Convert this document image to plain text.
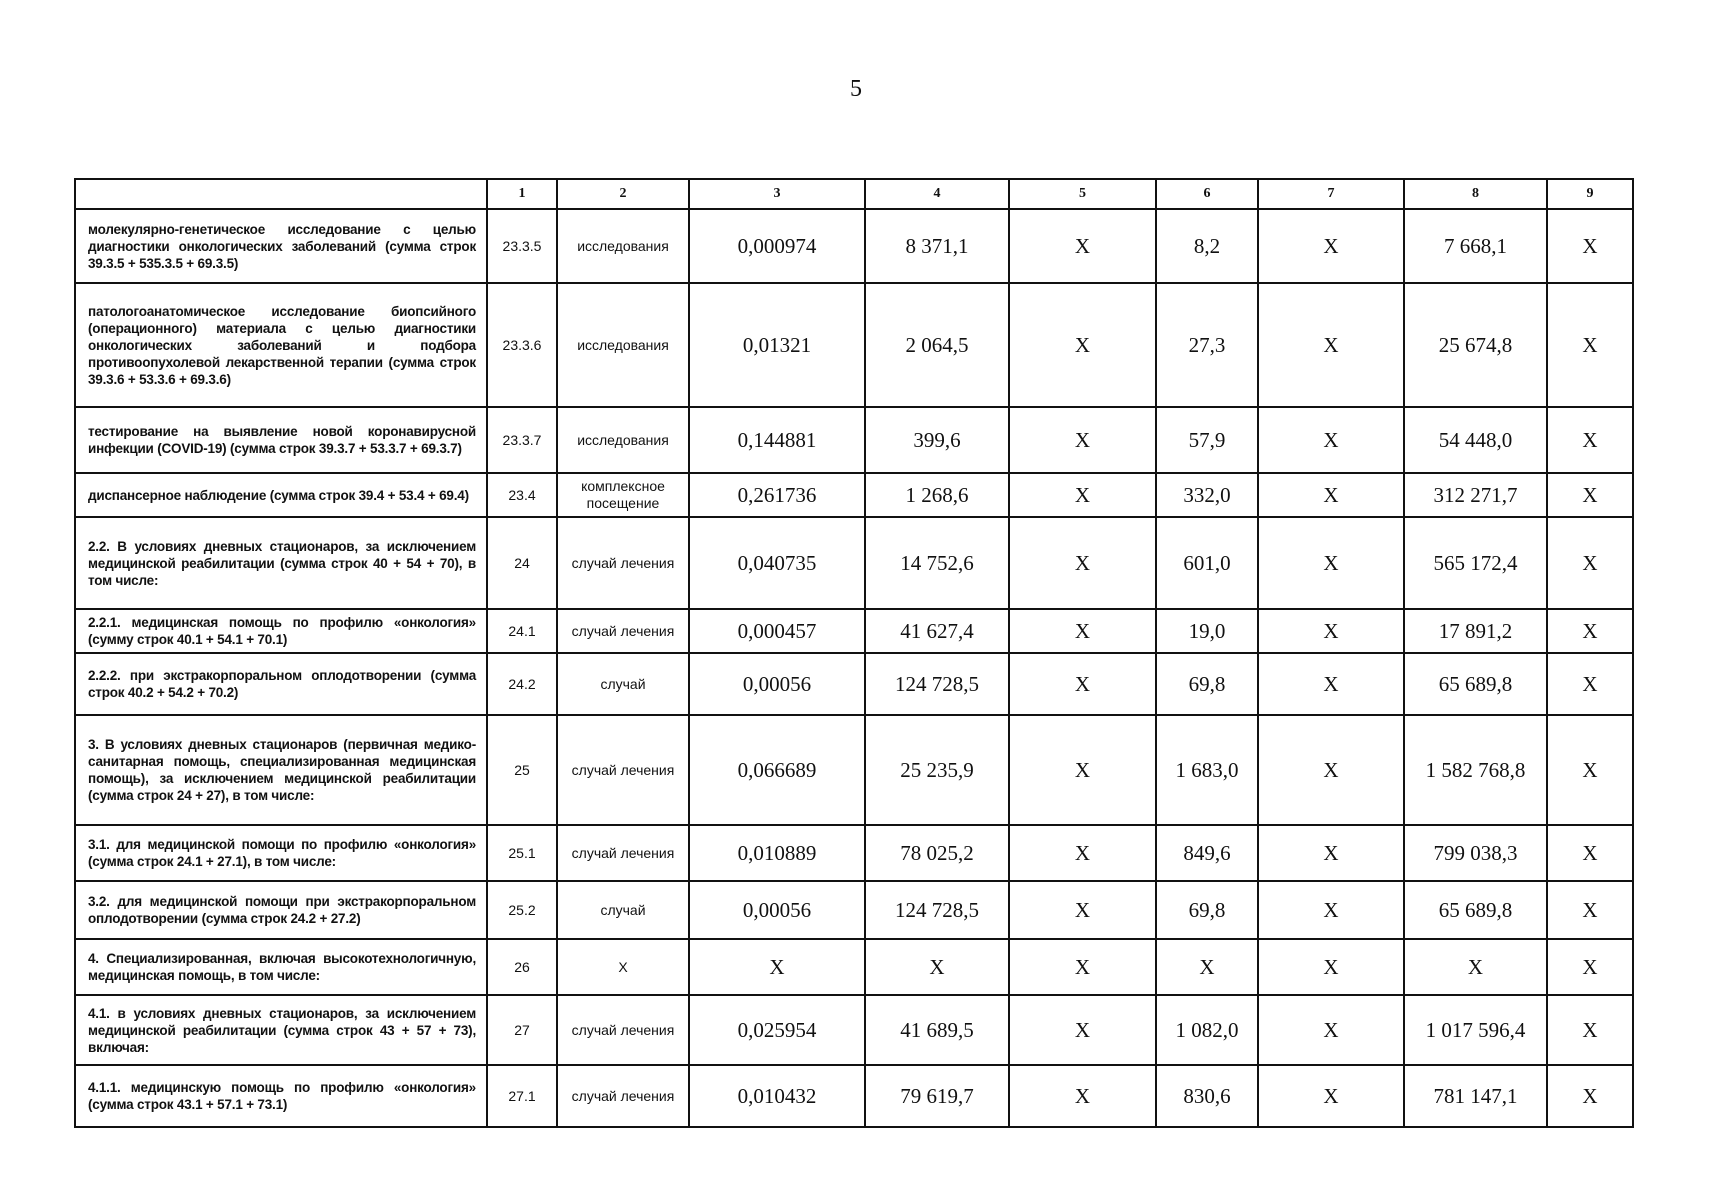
5
	1	2	3	4	5	6	7	8	9
молекулярно-генетическое исследование с целью диагностики онкологических заболеваний (сумма строк 39.3.5 + 535.3.5 + 69.3.5)	23.3.5	исследования	0,000974	8 371,1	X	8,2	X	7 668,1	X
патологоанатомическое исследование биопсийного (операционного) материала с целью диагностики онкологических заболеваний и подбора противоопухолевой лекарственной терапии (сумма строк 39.3.6 + 53.3.6 + 69.3.6)	23.3.6	исследования	0,01321	2 064,5	X	27,3	X	25 674,8	X
тестирование на выявление новой коронавирусной инфекции (COVID-19) (сумма строк 39.3.7 + 53.3.7 + 69.3.7)	23.3.7	исследования	0,144881	399,6	X	57,9	X	54 448,0	X
диспансерное наблюдение (сумма строк 39.4 + 53.4 + 69.4)	23.4	комплексное посещение	0,261736	1 268,6	X	332,0	X	312 271,7	X
2.2. В условиях дневных стационаров, за исключением медицинской реабилитации (сумма строк 40 + 54 + 70), в том числе:	24	случай лечения	0,040735	14 752,6	X	601,0	X	565 172,4	X
2.2.1. медицинская помощь по профилю «онкология» (сумму строк 40.1 + 54.1 + 70.1)	24.1	случай лечения	0,000457	41 627,4	X	19,0	X	17 891,2	X
2.2.2. при экстракорпоральном оплодотворении (сумма строк 40.2 + 54.2 + 70.2)	24.2	случай	0,00056	124 728,5	X	69,8	X	65 689,8	X
3. В условиях дневных стационаров (первичная медико-санитарная помощь, специализированная медицинская помощь), за исключением медицинской реабилитации (сумма строк 24 + 27), в том числе:	25	случай лечения	0,066689	25 235,9	X	1 683,0	X	1 582 768,8	X
3.1. для медицинской помощи по профилю «онкология» (сумма строк 24.1 + 27.1), в том числе:	25.1	случай лечения	0,010889	78 025,2	X	849,6	X	799 038,3	X
3.2. для медицинской помощи при экстракорпоральном оплодотворении (сумма строк 24.2 + 27.2)	25.2	случай	0,00056	124 728,5	X	69,8	X	65 689,8	X
4. Специализированная, включая высокотехнологичную, медицинская помощь, в том числе:	26	X	X	X	X	X	X	X	X
4.1. в условиях дневных стационаров, за исключением медицинской реабилитации (сумма строк 43 + 57 + 73), включая:	27	случай лечения	0,025954	41 689,5	X	1 082,0	X	1 017 596,4	X
4.1.1. медицинскую помощь по профилю «онкология» (сумма строк 43.1 + 57.1 + 73.1)	27.1	случай лечения	0,010432	79 619,7	X	830,6	X	781 147,1	X
